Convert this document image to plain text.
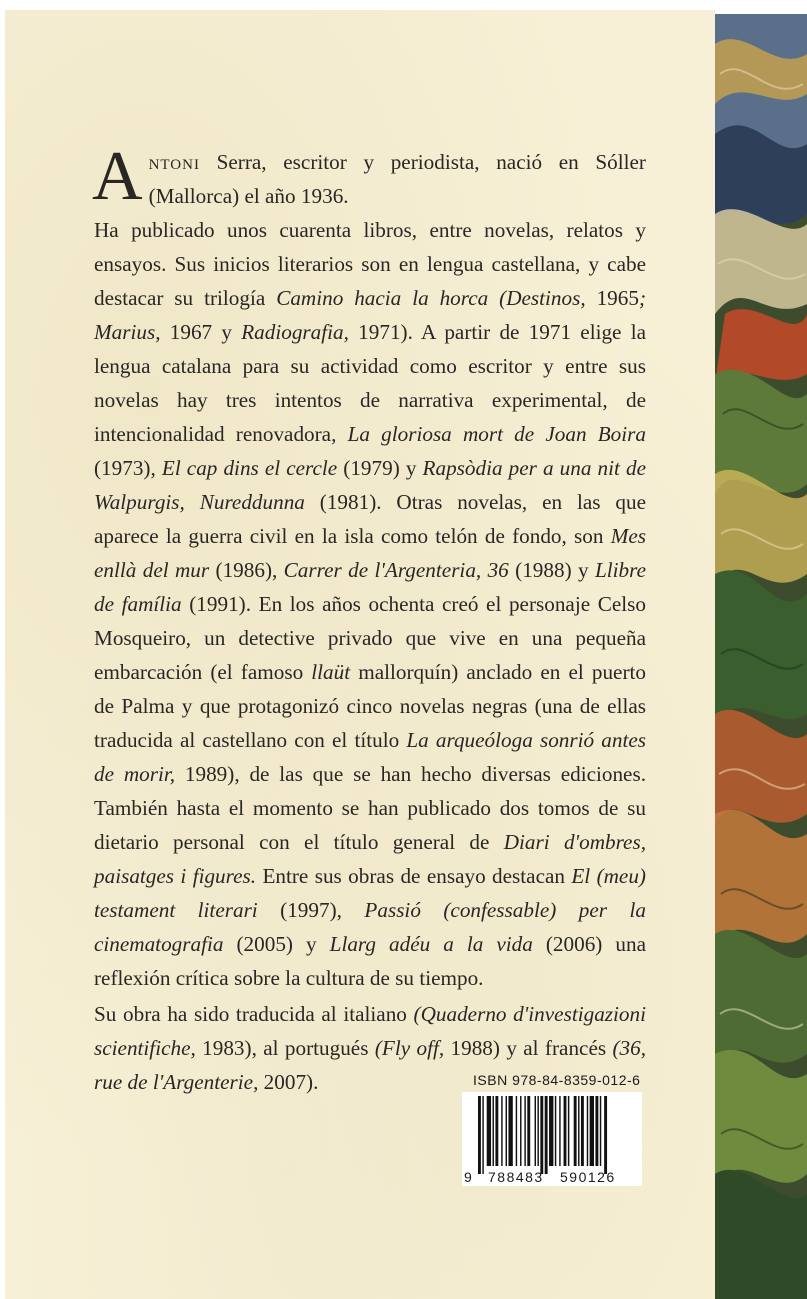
Antoni Serra, escritor y periodista, nació en Sóller (Mallorca) el año 1936.

Ha publicado unos cuarenta libros, entre novelas, relatos y ensayos. Sus inicios literarios son en lengua castellana, y cabe destacar su trilogía Camino hacia la horca (Destinos, 1965; Marius, 1967 y Radiografia, 1971). A partir de 1971 elige la lengua catalana para su actividad como escritor y entre sus novelas hay tres intentos de narrativa experimental, de intencionalidad renovadora, La gloriosa mort de Joan Boira (1973), El cap dins el cercle (1979) y Rapsòdia per a una nit de Walpurgis, Nureddunna (1981). Otras novelas, en las que aparece la guerra civil en la isla como telón de fondo, son Mes enllà del mur (1986), Carrer de l'Argenteria, 36 (1988) y Llibre de família (1991). En los años ochenta creó el personaje Celso Mosqueiro, un detective privado que vive en una pequeña embarcación (el famoso llaüt mallorquín) anclado en el puerto de Palma y que protagonizó cinco novelas negras (una de ellas traducida al castellano con el título La arqueóloga sonrió antes de morir, 1989), de las que se han hecho diversas ediciones. También hasta el momento se han publicado dos tomos de su dietario personal con el título general de Diari d'ombres, paisatges i figures. Entre sus obras de ensayo destacan El (meu) testament literari (1997), Passió (confessable) per la cinematografia (2005) y Llarg adéu a la vida (2006) una reflexión crítica sobre la cultura de su tiempo.

Su obra ha sido traducida al italiano (Quaderno d'investigazioni scientifiche, 1983), al portugués (Fly off, 1988) y al francés (36, rue de l'Argenterie, 2007).	ISBN 978-84-8359-012-6
9 788483 590126
